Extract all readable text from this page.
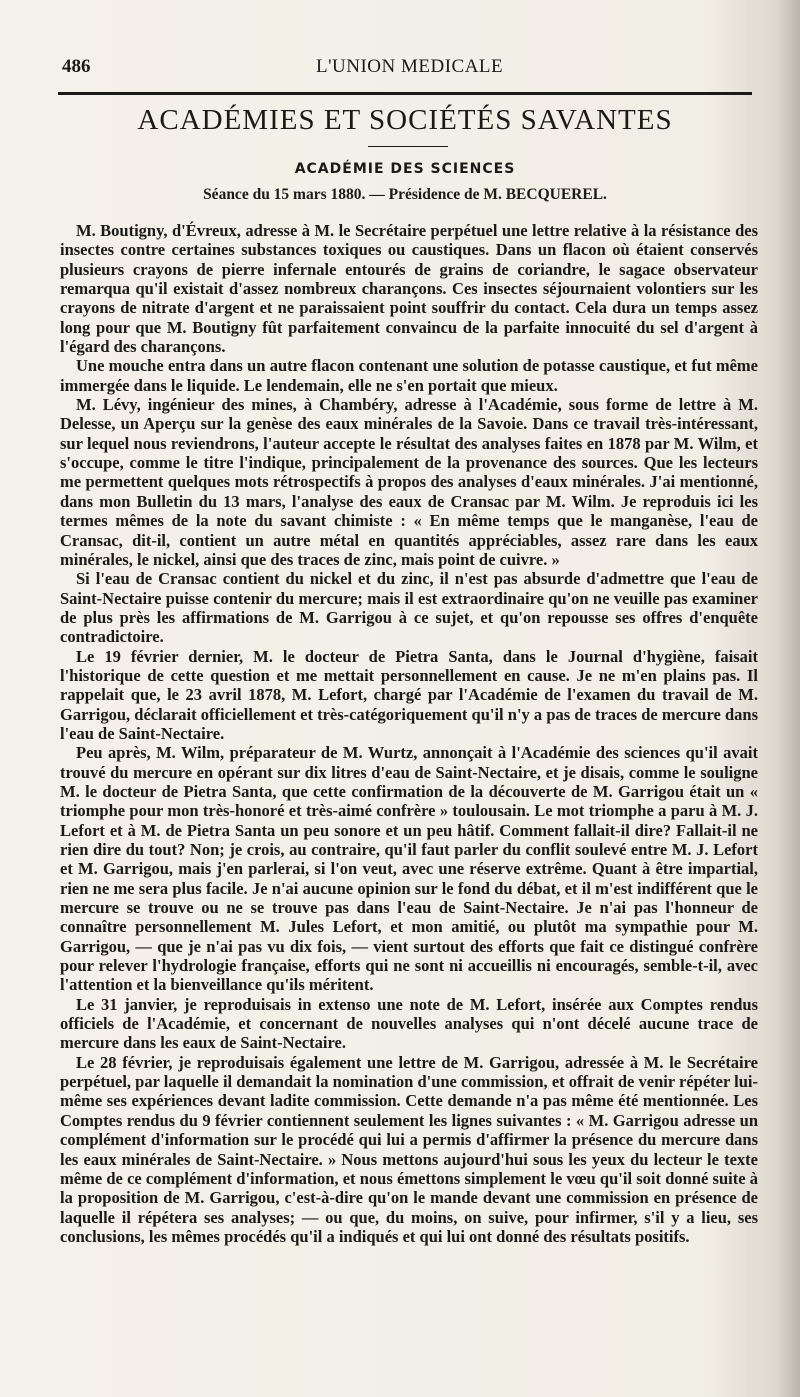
486	L'UNION MEDICALE
ACADÉMIES ET SOCIÉTÉS SAVANTES
ACADÉMIE DES SCIENCES
Séance du 15 mars 1880. — Présidence de M. BECQUEREL.

M. Boutigny, d'Évreux, adresse à M. le Secrétaire perpétuel une lettre relative à la résistance des insectes contre certaines substances toxiques ou caustiques. Dans un flacon où étaient conservés plusieurs crayons de pierre infernale entourés de grains de coriandre, le sagace observateur remarqua qu'il existait d'assez nombreux charançons. Ces insectes séjournaient volontiers sur les crayons de nitrate d'argent et ne paraissaient point souffrir du contact. Cela dura un temps assez long pour que M. Boutigny fût parfaitement convaincu de la parfaite innocuité du sel d'argent à l'égard des charançons.

Une mouche entra dans un autre flacon contenant une solution de potasse caustique, et fut même immergée dans le liquide. Le lendemain, elle ne s'en portait que mieux.

M. Lévy, ingénieur des mines, à Chambéry, adresse à l'Académie, sous forme de lettre à M. Delesse, un Aperçu sur la genèse des eaux minérales de la Savoie. Dans ce travail très-intéressant, sur lequel nous reviendrons, l'auteur accepte le résultat des analyses faites en 1878 par M. Wilm, et s'occupe, comme le titre l'indique, principalement de la provenance des sources. Que les lecteurs me permettent quelques mots rétrospectifs à propos des analyses d'eaux minérales. J'ai mentionné, dans mon Bulletin du 13 mars, l'analyse des eaux de Cransac par M. Wilm. Je reproduis ici les termes mêmes de la note du savant chimiste : « En même temps que le manganèse, l'eau de Cransac, dit-il, contient un autre métal en quantités appréciables, assez rare dans les eaux minérales, le nickel, ainsi que des traces de zinc, mais point de cuivre. »

Si l'eau de Cransac contient du nickel et du zinc, il n'est pas absurde d'admettre que l'eau de Saint-Nectaire puisse contenir du mercure; mais il est extraordinaire qu'on ne veuille pas examiner de plus près les affirmations de M. Garrigou à ce sujet, et qu'on repousse ses offres d'enquête contradictoire.

Le 19 février dernier, M. le docteur de Pietra Santa, dans le Journal d'hygiène, faisait l'historique de cette question et me mettait personnellement en cause. Je ne m'en plains pas. Il rappelait que, le 23 avril 1878, M. Lefort, chargé par l'Académie de l'examen du travail de M. Garrigou, déclarait officiellement et très-catégoriquement qu'il n'y a pas de traces de mercure dans l'eau de Saint-Nectaire.

Peu après, M. Wilm, préparateur de M. Wurtz, annonçait à l'Académie des sciences qu'il avait trouvé du mercure en opérant sur dix litres d'eau de Saint-Nectaire, et je disais, comme le souligne M. le docteur de Pietra Santa, que cette confirmation de la découverte de M. Garrigou était un « triomphe pour mon très-honoré et très-aimé confrère » toulousain. Le mot triomphe a paru à M. J. Lefort et à M. de Pietra Santa un peu sonore et un peu hâtif. Comment fallait-il dire? Fallait-il ne rien dire du tout? Non; je crois, au contraire, qu'il faut parler du conflit soulevé entre M. J. Lefort et M. Garrigou, mais j'en parlerai, si l'on veut, avec une réserve extrême. Quant à être impartial, rien ne me sera plus facile. Je n'ai aucune opinion sur le fond du débat, et il m'est indifférent que le mercure se trouve ou ne se trouve pas dans l'eau de Saint-Nectaire. Je n'ai pas l'honneur de connaître personnellement M. Jules Lefort, et mon amitié, ou plutôt ma sympathie pour M. Garrigou, — que je n'ai pas vu dix fois, — vient surtout des efforts que fait ce distingué confrère pour relever l'hydrologie française, efforts qui ne sont ni accueillis ni encouragés, semble-t-il, avec l'attention et la bienveillance qu'ils méritent.

Le 31 janvier, je reproduisais in extenso une note de M. Lefort, insérée aux Comptes rendus officiels de l'Académie, et concernant de nouvelles analyses qui n'ont décelé aucune trace de mercure dans les eaux de Saint-Nectaire.

Le 28 février, je reproduisais également une lettre de M. Garrigou, adressée à M. le Secrétaire perpétuel, par laquelle il demandait la nomination d'une commission, et offrait de venir répéter lui-même ses expériences devant ladite commission. Cette demande n'a pas même été mentionnée. Les Comptes rendus du 9 février contiennent seulement les lignes suivantes : « M. Garrigou adresse un complément d'information sur le procédé qui lui a permis d'affirmer la présence du mercure dans les eaux minérales de Saint-Nectaire. » Nous mettons aujourd'hui sous les yeux du lecteur le texte même de ce complément d'information, et nous émettons simplement le vœu qu'il soit donné suite à la proposition de M. Garrigou, c'est-à-dire qu'on le mande devant une commission en présence de laquelle il répétera ses analyses; — ou que, du moins, on suive, pour infirmer, s'il y a lieu, ses conclusions, les mêmes procédés qu'il a indiqués et qui lui ont donné des résultats positifs.
